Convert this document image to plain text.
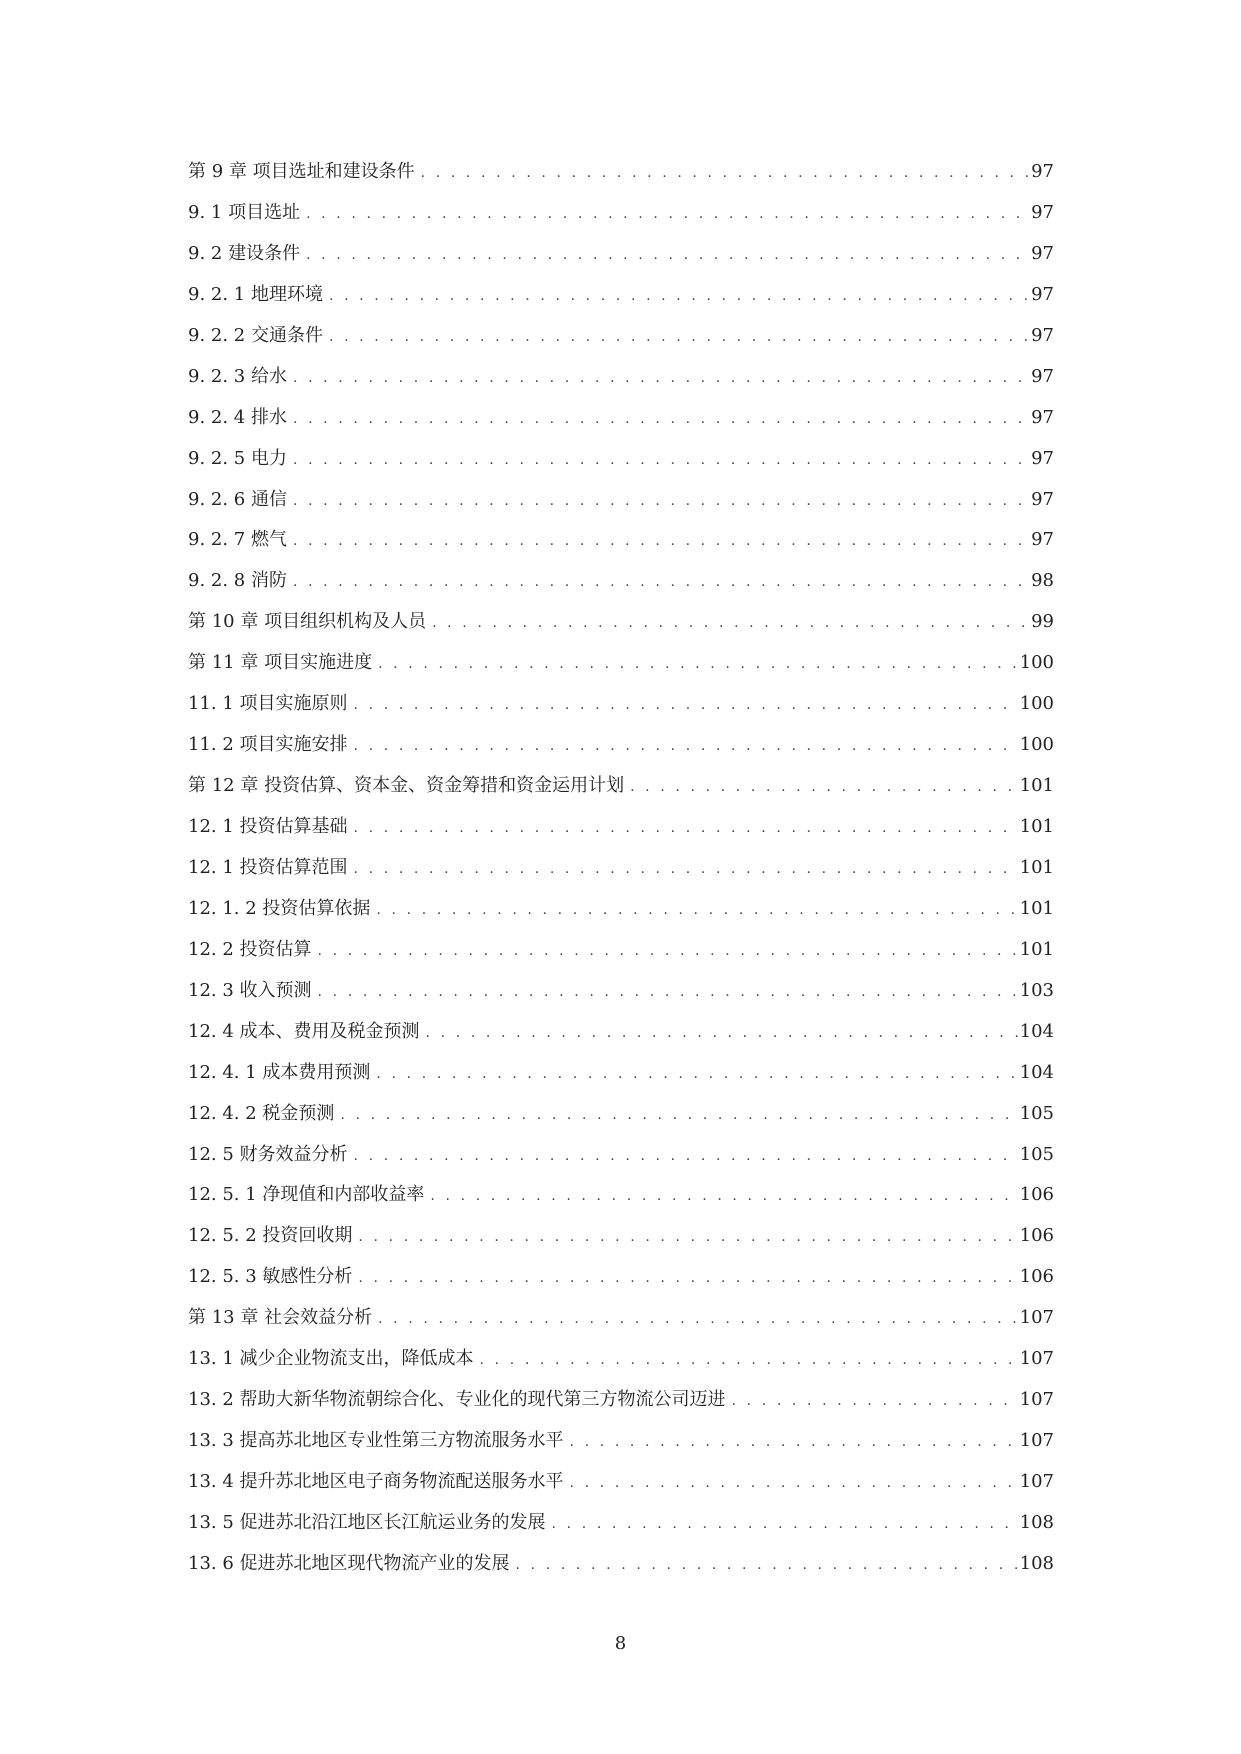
第 9 章 项目选址和建设条件 . . .	97
9. 1 项目选址 . . .	97
9. 2 建设条件 . . .	97
9. 2. 1 地理环境 . . .	97
9. 2. 2 交通条件 . . .	97
9. 2. 3 给水 . . .	97
9. 2. 4 排水 . . .	97
9. 2. 5 电力 . . .	97
9. 2. 6 通信 . . .	97
9. 2. 7 燃气 . . .	97
9. 2. 8 消防 . . .	98
第 10 章 项目组织机构及人员 . . .	99
第 11 章 项目实施进度 . . .	100
11. 1 项目实施原则 . . .	100
11. 2 项目实施安排 . . .	100
第 12 章 投资估算、资本金、资金筹措和资金运用计划 . . .	101
12. 1 投资估算基础 . . .	101
12. 1 投资估算范围 . . .	101
12. 1. 2 投资估算依据 . . .	101
12. 2 投资估算 . . .	101
12. 3 收入预测 . . .	103
12. 4 成本、费用及税金预测 . . .	104
12. 4. 1 成本费用预测 . . .	104
12. 4. 2 税金预测 . . .	105
12. 5 财务效益分析 . . .	105
12. 5. 1 净现值和内部收益率 . . .	106
12. 5. 2 投资回收期 . . .	106
12. 5. 3 敏感性分析 . . .	106
第 13 章 社会效益分析 . . .	107
13. 1 减少企业物流支出，降低成本 . . .	107
13. 2 帮助大新华物流朝综合化、专业化的现代第三方物流公司迈进 . . .	107
13. 3 提高苏北地区专业性第三方物流服务水平 . . .	107
13. 4 提升苏北地区电子商务物流配送服务水平 . . .	107
13. 5 促进苏北沿江地区长江航运业务的发展 . . .	108
13. 6 促进苏北地区现代物流产业的发展 . . .	108
8
